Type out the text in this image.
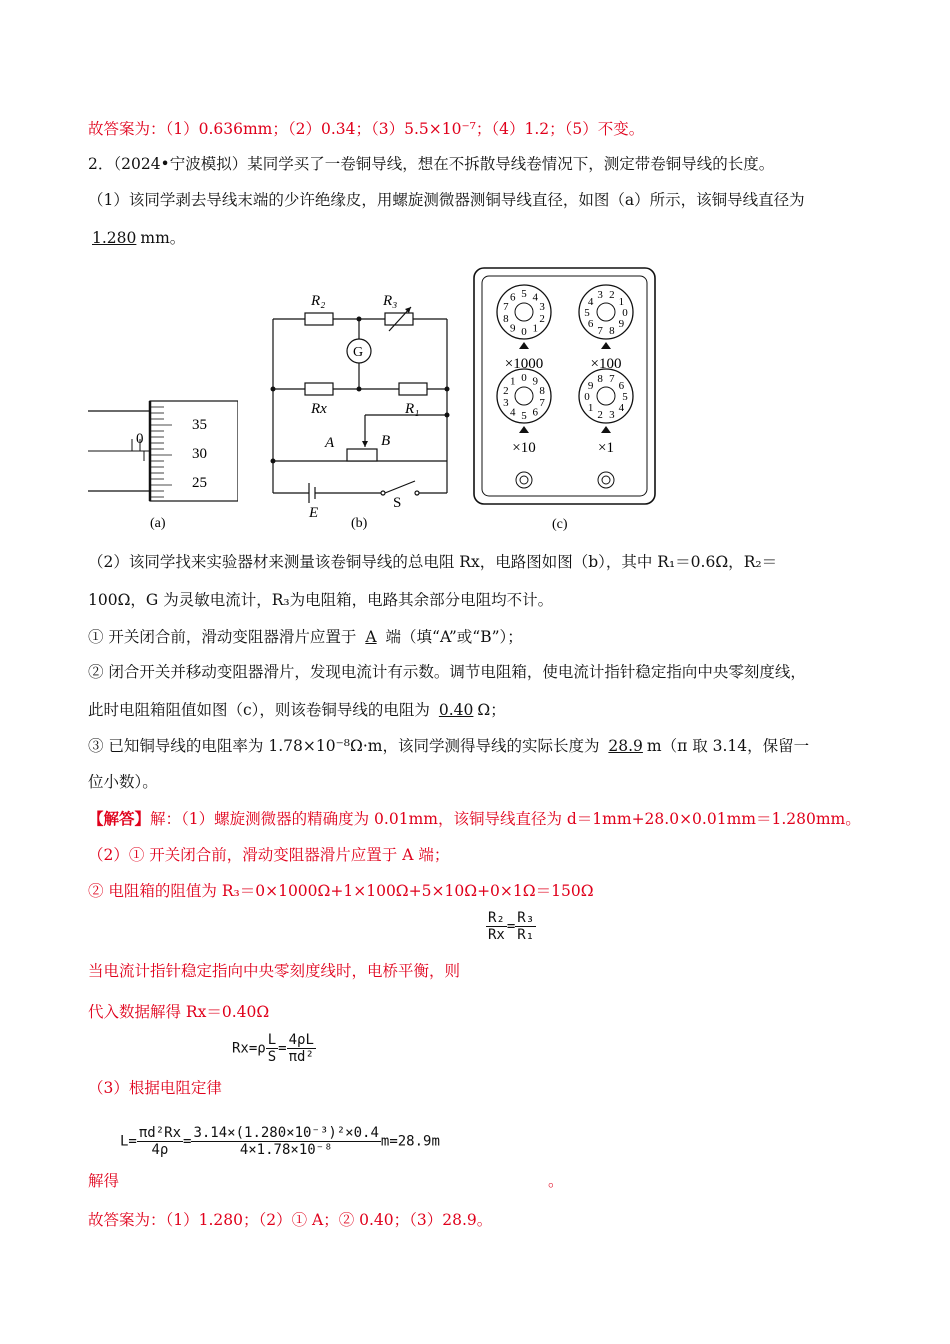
故答案为：（1）0.636mm；（2）0.34；（3）5.5×10⁻⁷；（4）1.2；（5）不变。
2．（2024•宁波模拟）某同学买了一卷铜导线，想在不拆散导线卷情况下，测定带卷铜导线的长度。
（1）该同学剥去导线末端的少许绝缘皮，用螺旋测微器测铜导线直径，如图（a）所示，该铜导线直径为
1.280 mm。
35
30
25
0
(a)
R₂	R₃
G
Rx	R₁
A	B
E
S
(b)
0 1
2
3
4
5
6
7
8
9
×1000
0
1
2
3
4
5
6
7 8
9
×100
0
1
2
3
4 5 6
7
8
9
×10
0
1
2 3
4
5
6
7
8
9
×1
(c)
（2）该同学找来实验器材来测量该卷铜导线的总电阻 Rx，电路图如图（b），其中 R₁＝0.6Ω，R₂＝
100Ω，G 为灵敏电流计，R₃为电阻箱，电路其余部分电阻均不计。
① 开关闭合前，滑动变阻器滑片应置于 A 端（填“A”或“B”）；
② 闭合开关并移动变阻器滑片，发现电流计有示数。调节电阻箱，使电流计指针稳定指向中央零刻度线，
此时电阻箱阻值如图（c），则该卷铜导线的电阻为 0.40 Ω；
③ 已知铜导线的电阻率为 1.78×10⁻⁸Ω·m，该同学测得导线的实际长度为 28.9 m（π 取 3.14，保留一
位小数）。
【解答】解：（1）螺旋测微器的精确度为 0.01mm，该铜导线直径为 d＝1mm+28.0×0.01mm＝1.280mm。
（2）① 开关闭合前，滑动变阻器滑片应置于 A 端；
② 电阻箱的阻值为 R₃＝0×1000Ω+1×100Ω+5×10Ω+0×1Ω＝150Ω
$\frac{\text{R₂}}{Rx} = \frac{\text{R₃}}{\text{R₁}}$
当电流计指针稳定指向中央零刻度线时，电桥平衡，则
代入数据解得 Rx＝0.40Ω
$Rx=\rho \frac{L}{S} = \frac{4\rho L}{\text{πd²}}$
（3）根据电阻定律
$L= \frac{\text{πd²Rx}}{4\rho} = \frac{\text{3.14×(1.280×10⁻³)²×0.4}}{\text{4×1.78×10⁻⁸}} m=28.9m$
解得	。
故答案为：（1）1.280；（2）① A；② 0.40；（3）28.9。
